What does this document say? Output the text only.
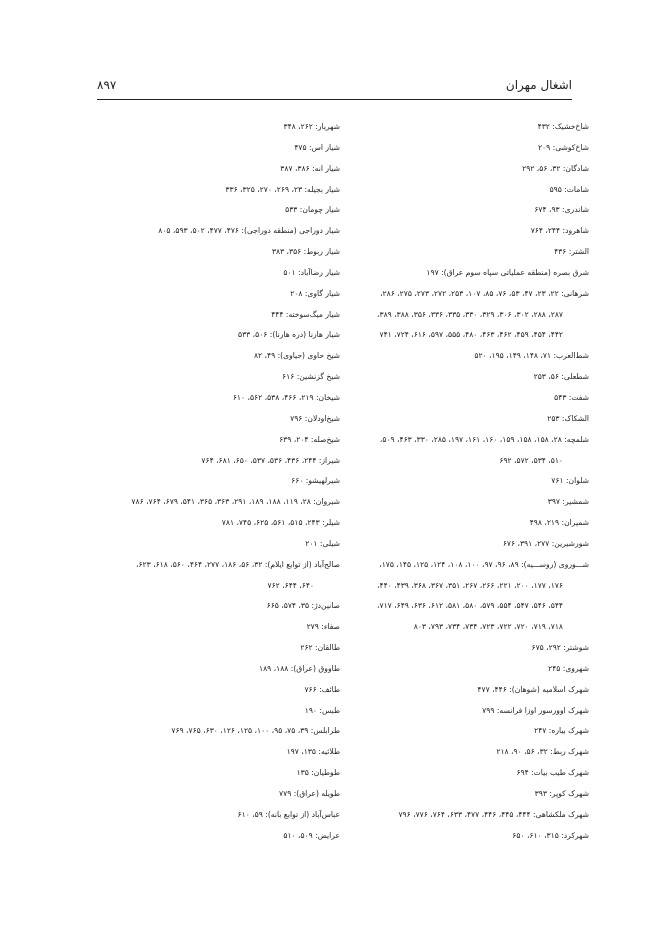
اشغال مهران
۸۹۷
شاخ‌خشیک: ۴۳۲
شاخ‌کوشی: ۲۰۹
شادگان: ۳۲، ۵۶، ۲۹۲
شامات: ۵۹۵
شاندری: ۹۳، ۶۷۴
شاهرود: ۲۴۴، ۷۶۴
الشتر: ۴۳۶
شرق بصره (منطقه عملیاتی سپاه سوم عراق): ۱۹۷
شرهانی: ۲۲، ۲۳، ۴۷، ۵۳، ۷۶، ۸۵، ۱۰۷، ۲۵۳، ۲۷۲، ۲۷۳، ۲۷۵، ۲۸۶،
۲۸۷، ۲۸۸، ۳۰۲، ۳۰۶، ۳۲۹، ۳۳۰، ۳۳۵، ۳۳۶، ۳۵۶، ۳۸۸، ۳۸۹،
۴۴۲، ۴۵۴، ۴۵۹، ۴۶۲، ۴۶۳، ۴۸۰، ۵۵۵، ۵۹۷، ۶۱۶، ۷۲۴، ۷۴۱
شط‌العرب: ۷۱، ۱۴۸، ۱۴۹، ۱۹۵، ۵۲۰
شطعلی: ۵۶، ۲۵۳
شفت: ۵۴۳
الشکاک: ۲۵۳
شلمچه: ۲۸، ۱۵۸، ۱۵۸، ۱۵۹، ۱۶۰، ۱۶۱، ۱۹۷، ۲۸۵، ۳۳۰، ۴۶۳، ۵۰۹،
۵۱۰، ۵۳۴، ۵۷۲، ۶۹۲
شلوان: ۷۶۱
شمشیر: ۳۹۷
شمیران: ۲۱۹، ۴۹۸
شورشیرین: ۲۷۷، ۳۹۱، ۶۷۶
شـــوروی (روســـیه): ۸۹، ۹۶، ۹۷، ۱۰۰، ۱۰۸، ۱۲۴، ۱۲۵، ۱۴۵، ۱۷۵،
۱۷۶، ۱۷۷، ۲۰۰، ۲۲۱، ۲۶۶، ۲۶۷، ۳۵۱، ۳۶۷، ۳۶۸، ۴۳۹، ۴۴۰،
۵۴۴، ۵۴۶، ۵۴۷، ۵۵۴، ۵۷۹، ۵۸۰، ۵۸۱، ۶۱۲، ۶۳۶، ۶۴۹، ۷۱۷،
۷۱۸، ۷۱۹، ۷۲۰، ۷۲۲، ۷۲۳، ۷۳۴، ۷۳۴، ۷۹۳، ۸۰۳
شوشتر: ۲۹۲، ۶۷۵
شهروی: ۲۴۵
شهرک اسلامیه (شوهان): ۴۴۶، ۴۷۷
شهرک اوورسور اوزا فرانسه: ۷۹۹
شهرک بیاره: ۲۴۷
شهرک ربط: ۳۲، ۵۶، ۹۰، ۲۱۸
شهرک طیب بیات: ۶۹۴
شهرک کوپر: ۳۹۳
شهرک ملکشاهی: ۴۴۴، ۴۴۵، ۴۴۶، ۴۷۷، ۶۳۳، ۷۶۴، ۷۷۶، ۷۹۶
شهرکرد: ۳۱۵، ۶۱۰، ۶۵۰
شهریار: ۲۶۲، ۳۴۸
شیار اس: ۴۷۵
شیار انه: ۳۸۶، ۳۸۷
شیار بجیله: ۲۳، ۲۶۹، ۲۷۰، ۳۲۵، ۳۳۶
شیار چومان: ۵۳۳
شیار دوراجی (منطقه دوراجی): ۴۷۶، ۴۷۷، ۵۰۲، ۵۹۳، ۸۰۵
شیار ربوط: ۳۵۶، ۳۸۳
شیار رضاآباد: ۵۰۱
شیار گاوی: ۲۰۸
شیار میگ‌سوخته: ۴۴۴
شیار هارنا (دره هارنا): ۵۰۶، ۵۳۳
شیخ حاوی (حیاوی): ۴۹، ۸۲
شیخ گزنشین: ۶۱۶
شیخان: ۲۱۹، ۴۶۶، ۵۳۸، ۵۶۲، ۶۱۰
شیخ‌اودلان: ۷۹۶
شیخ‌صله: ۲۰۴، ۶۳۹
شیراز: ۲۴۴، ۴۳۶، ۵۳۶، ۵۳۷، ۶۵۰، ۶۸۱، ۷۶۴
شیرلهیشو: ۶۶۰
شیروان: ۲۸، ۱۱۹، ۱۸۸، ۱۸۹، ۲۹۱، ۳۶۳، ۳۶۵، ۵۴۱، ۶۷۹، ۷۶۴، ۷۸۶
شیلر: ۲۴۳، ۵۱۵، ۵۶۱، ۶۲۵، ۷۴۵، ۷۸۱
شیلی: ۲۰۱
صالح‌آباد (از توابع ایلام): ۳۲، ۵۶، ۱۸۶، ۲۷۷، ۴۶۴، ۵۶۰، ۶۱۸، ۶۲۳،
۶۴۰، ۶۴۴، ۷۶۲
صانین‌دژ: ۳۵، ۵۷۴، ۶۶۵
صفاء: ۲۷۹
طالقان: ۲۶۲
طاووق (عراق): ۱۸۸، ۱۸۹
طائف: ۷۶۶
طبس: ۱۹۰
طرابلس: ۳۹، ۷۵، ۹۵، ۱۰۰، ۱۲۵، ۱۲۶، ۶۳۰، ۷۶۵، ۷۶۹
طلائیه: ۱۳۵، ۱۹۷
طوطیان: ۱۳۵
طویله (عراق): ۷۷۹
عباس‌آباد (از توابع بانه): ۵۹، ۶۱۰
عرایض: ۵۰۹، ۵۱۰
